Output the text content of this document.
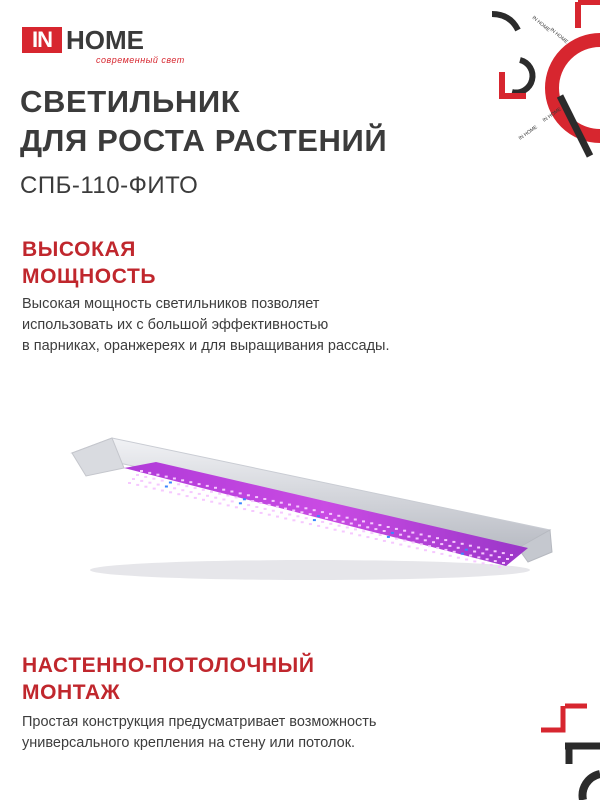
IN HOME
современный свет
IN HOME
IN HOME
IN HOME
IN HOME
СВЕТИЛЬНИК
ДЛЯ РОСТА РАСТЕНИЙ
СПБ-110-ФИТО
ВЫСОКАЯ
МОЩНОСТЬ

Высокая мощность светильников позволяет
использовать их с большой эффективностью
в парниках, оранжереях и для выращивания рассады.

НАСТЕННО-ПОТОЛОЧНЫЙ
МОНТАЖ

Простая конструкция предусматривает возможность
универсального крепления на стену или потолок.
